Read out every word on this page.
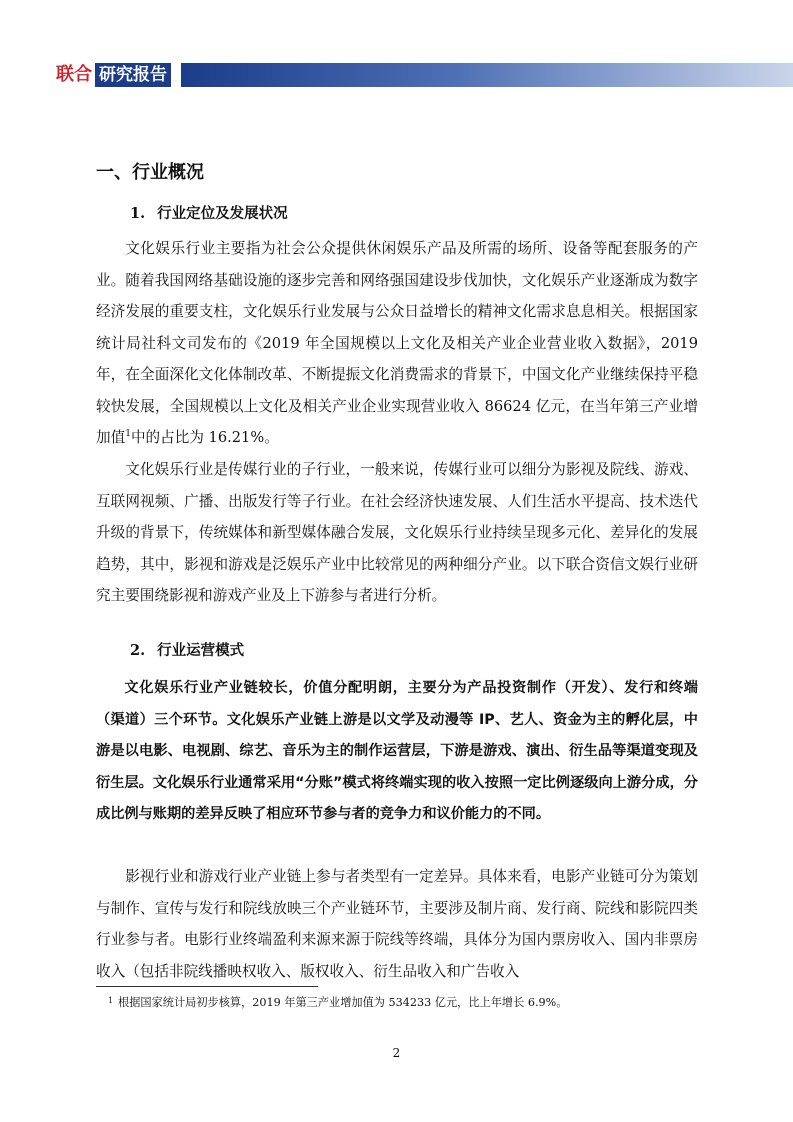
联合 研究报告
一、行业概况
1. 行业定位及发展状况

文化娱乐行业主要指为社会公众提供休闲娱乐产品及所需的场所、设备等配套服务的产业。随着我国网络基础设施的逐步完善和网络强国建设步伐加快，文化娱乐产业逐渐成为数字经济发展的重要支柱，文化娱乐行业发展与公众日益增长的精神文化需求息息相关。根据国家统计局社科文司发布的《2019 年全国规模以上文化及相关产业企业营业收入数据》，2019 年，在全面深化文化体制改革、不断提振文化消费需求的背景下，中国文化产业继续保持平稳较快发展，全国规模以上文化及相关产业企业实现营业收入 86624 亿元，在当年第三产业增加值$^1$中的占比为 16.21%。

文化娱乐行业是传媒行业的子行业，一般来说，传媒行业可以细分为影视及院线、游戏、互联网视频、广播、出版发行等子行业。在社会经济快速发展、人们生活水平提高、技术迭代升级的背景下，传统媒体和新型媒体融合发展，文化娱乐行业持续呈现多元化、差异化的发展趋势，其中，影视和游戏是泛娱乐产业中比较常见的两种细分产业。以下联合资信文娱行业研究主要围绕影视和游戏产业及上下游参与者进行分析。

2. 行业运营模式

文化娱乐行业产业链较长，价值分配明朗，主要分为产品投资制作（开发）、发行和终端（渠道）三个环节。文化娱乐产业链上游是以文学及动漫等 IP、艺人、资金为主的孵化层，中游是以电影、电视剧、综艺、音乐为主的制作运营层，下游是游戏、演出、衍生品等渠道变现及衍生层。文化娱乐行业通常采用“分账”模式将终端实现的收入按照一定比例逐级向上游分成，分成比例与账期的差异反映了相应环节参与者的竞争力和议价能力的不同。

影视行业和游戏行业产业链上参与者类型有一定差异。具体来看，电影产业链可分为策划与制作、宣传与发行和院线放映三个产业链环节，主要涉及制片商、发行商、院线和影院四类行业参与者。电影行业终端盈利来源来源于院线等终端，具体分为国内票房收入、国内非票房收入（包括非院线播映权收入、版权收入、衍生品收入和广告收入

1 根据国家统计局初步核算，2019 年第三产业增加值为 534233 亿元，比上年增长 6.9%。
2
